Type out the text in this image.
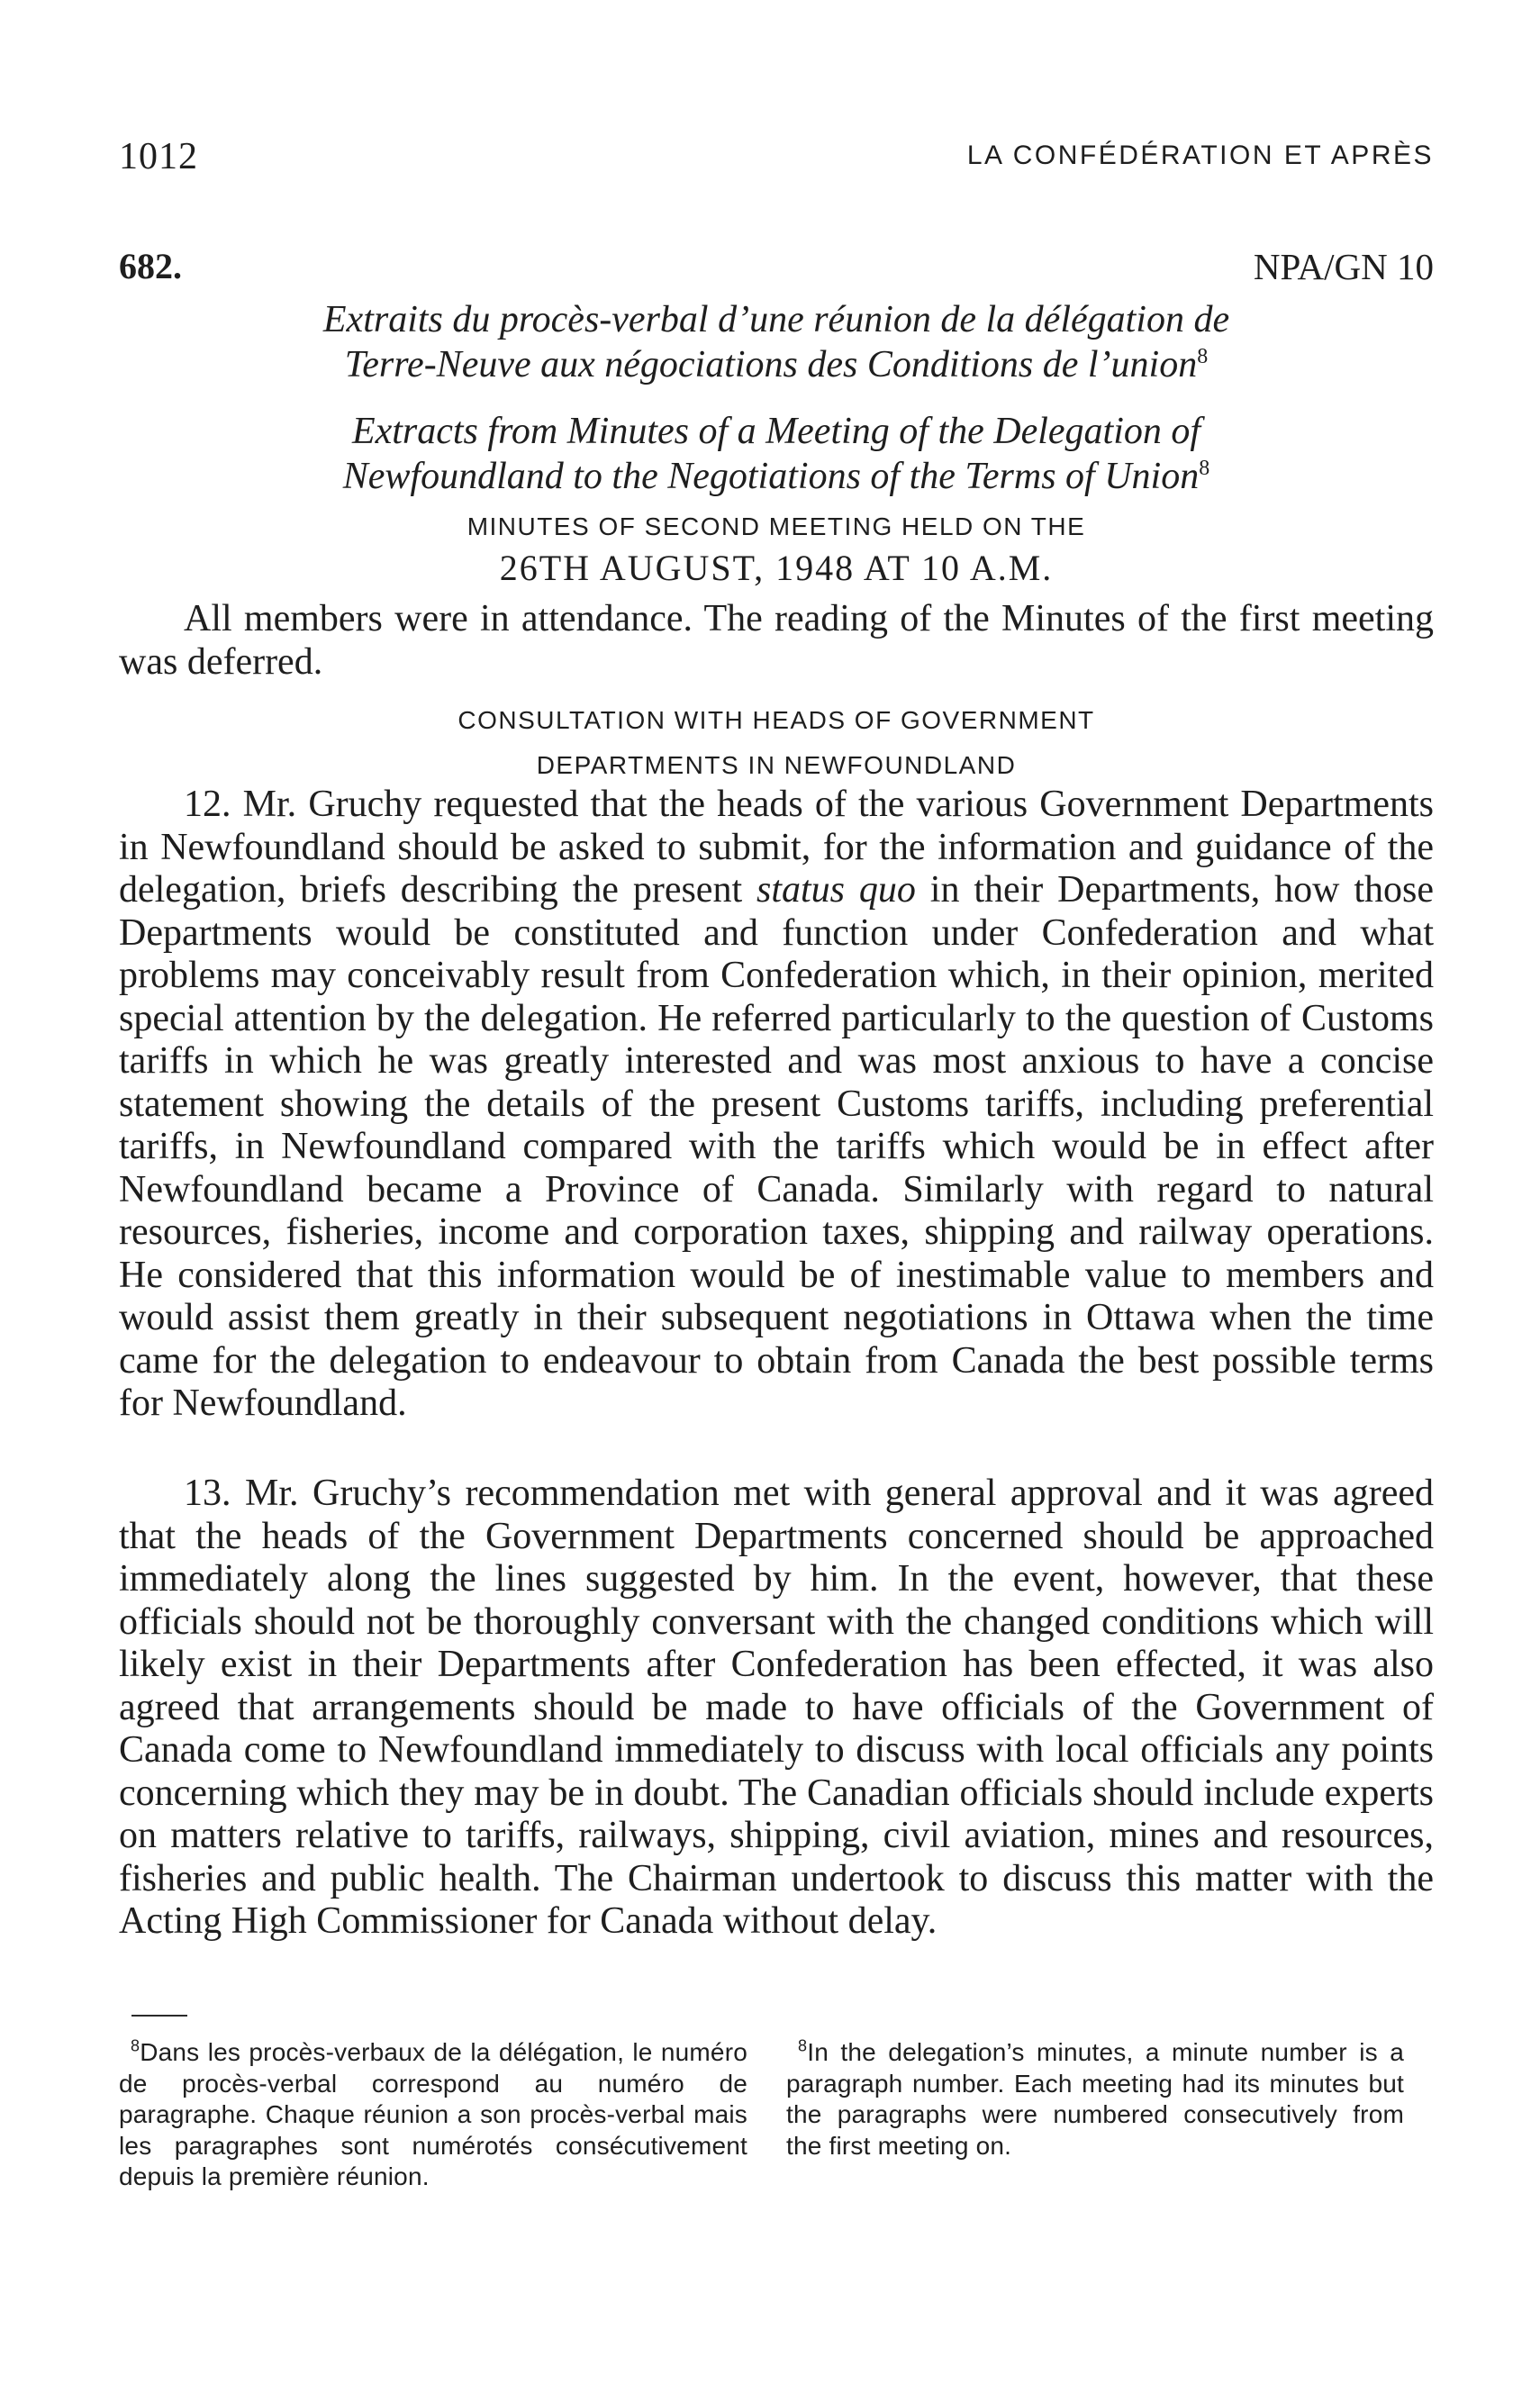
1012	LA CONFÉDÉRATION ET APRÈS
682.	NPA/GN 10
Extraits du procès-verbal d’une réunion de la délégation de
Terre-Neuve aux négociations des Conditions de l’union$^8$
Extracts from Minutes of a Meeting of the Delegation of
Newfoundland to the Negotiations of the Terms of Union$^8$
MINUTES OF SECOND MEETING HELD ON THE
26TH AUGUST, 1948 AT 10 A.M.

All members were in attendance. The reading of the Minutes of the first meeting was deferred.

CONSULTATION WITH HEADS OF GOVERNMENT
DEPARTMENTS IN NEWFOUNDLAND

12. Mr. Gruchy requested that the heads of the various Government Departments in Newfoundland should be asked to submit, for the information and guidance of the delegation, briefs describing the present status quo in their Departments, how those Departments would be constituted and function under Confederation and what problems may conceivably result from Confederation which, in their opinion, merited special attention by the delegation. He referred particularly to the question of Customs tariffs in which he was greatly interested and was most anxious to have a concise statement showing the details of the present Customs tariffs, including preferential tariffs, in Newfoundland compared with the tariffs which would be in effect after Newfoundland became a Province of Canada. Similarly with regard to natural resources, fisheries, income and corporation taxes, shipping and railway operations. He considered that this information would be of inestimable value to members and would assist them greatly in their subsequent negotiations in Ottawa when the time came for the delegation to endeavour to obtain from Canada the best possible terms for Newfoundland.

13. Mr. Gruchy’s recommendation met with general approval and it was agreed that the heads of the Government Departments concerned should be approached immediately along the lines suggested by him. In the event, however, that these officials should not be thoroughly conversant with the changed conditions which will likely exist in their Departments after Confederation has been effected, it was also agreed that arrangements should be made to have officials of the Government of Canada come to Newfoundland immediately to discuss with local officials any points concerning which they may be in doubt. The Canadian officials should include experts on matters relative to tariffs, railways, shipping, civil aviation, mines and resources, fisheries and public health. The Chairman undertook to discuss this matter with the Acting High Commissioner for Canada without delay.

$^8$Dans les procès-verbaux de la délégation, le numéro de procès-verbal correspond au numéro de paragraphe. Chaque réunion a son procès-verbal mais les paragraphes sont numérotés consécutivement depuis la première réunion.
$^8$In the delegation’s minutes, a minute number is a paragraph number. Each meeting had its minutes but the paragraphs were numbered consecutively from the first meeting on.
